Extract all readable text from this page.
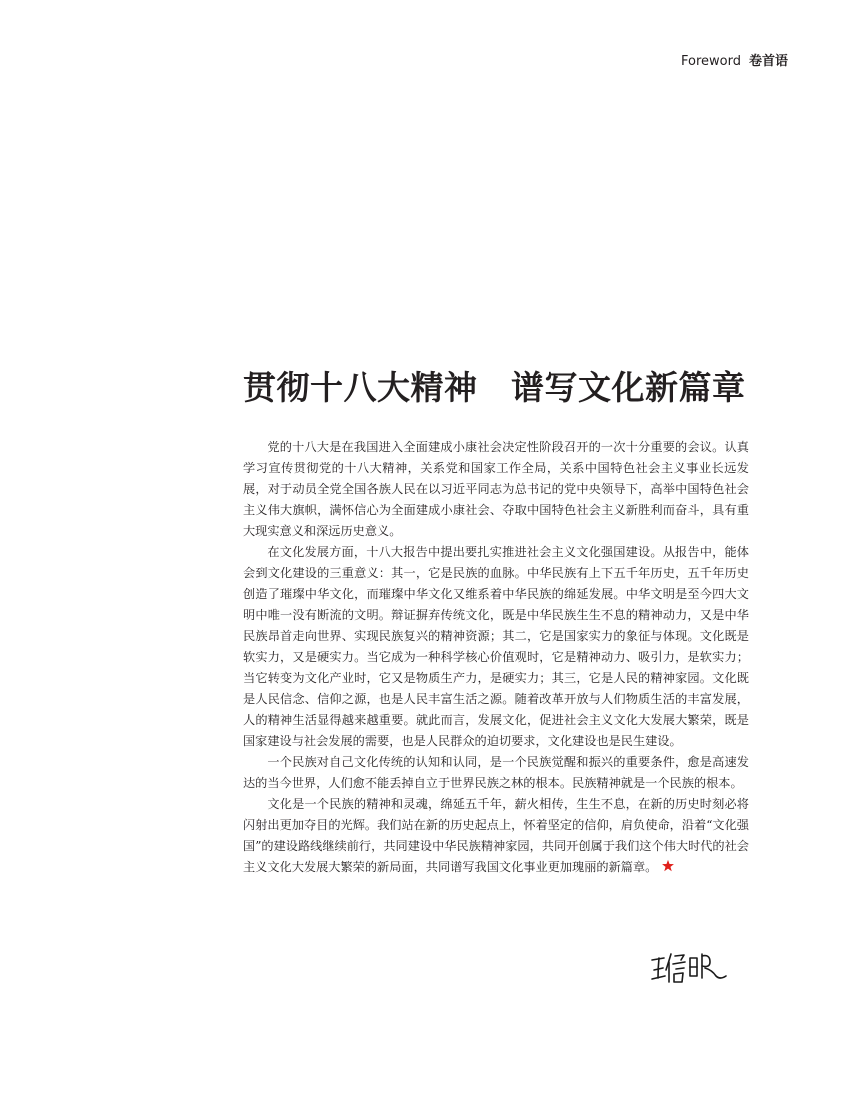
Foreword 卷首语
贯彻十八大精神　谱写文化新篇章

党的十八大是在我国进入全面建成小康社会决定性阶段召开的一次十分重要的会议。认真学习宣传贯彻党的十八大精神，关系党和国家工作全局，关系中国特色社会主义事业长远发展，对于动员全党全国各族人民在以习近平同志为总书记的党中央领导下，高举中国特色社会主义伟大旗帜，满怀信心为全面建成小康社会、夺取中国特色社会主义新胜利而奋斗，具有重大现实意义和深远历史意义。

在文化发展方面，十八大报告中提出要扎实推进社会主义文化强国建设。从报告中，能体会到文化建设的三重意义：其一，它是民族的血脉。中华民族有上下五千年历史，五千年历史创造了璀璨中华文化，而璀璨中华文化又维系着中华民族的绵延发展。中华文明是至今四大文明中唯一没有断流的文明。辩证摒弃传统文化，既是中华民族生生不息的精神动力，又是中华民族昂首走向世界、实现民族复兴的精神资源；其二，它是国家实力的象征与体现。文化既是软实力，又是硬实力。当它成为一种科学核心价值观时，它是精神动力、吸引力，是软实力；当它转变为文化产业时，它又是物质生产力，是硬实力；其三，它是人民的精神家园。文化既是人民信念、信仰之源，也是人民丰富生活之源。随着改革开放与人们物质生活的丰富发展，人的精神生活显得越来越重要。就此而言，发展文化，促进社会主义文化大发展大繁荣，既是国家建设与社会发展的需要，也是人民群众的迫切要求，文化建设也是民生建设。

一个民族对自己文化传统的认知和认同，是一个民族觉醒和振兴的重要条件，愈是高速发达的当今世界，人们愈不能丢掉自立于世界民族之林的根本。民族精神就是一个民族的根本。

文化是一个民族的精神和灵魂，绵延五千年，薪火相传，生生不息，在新的历史时刻必将闪射出更加夺目的光辉。我们站在新的历史起点上，怀着坚定的信仰，肩负使命，沿着“文化强国”的建设路线继续前行，共同建设中华民族精神家园，共同开创属于我们这个伟大时代的社会主义文化大发展大繁荣的新局面，共同谱写我国文化事业更加瑰丽的新篇章。
